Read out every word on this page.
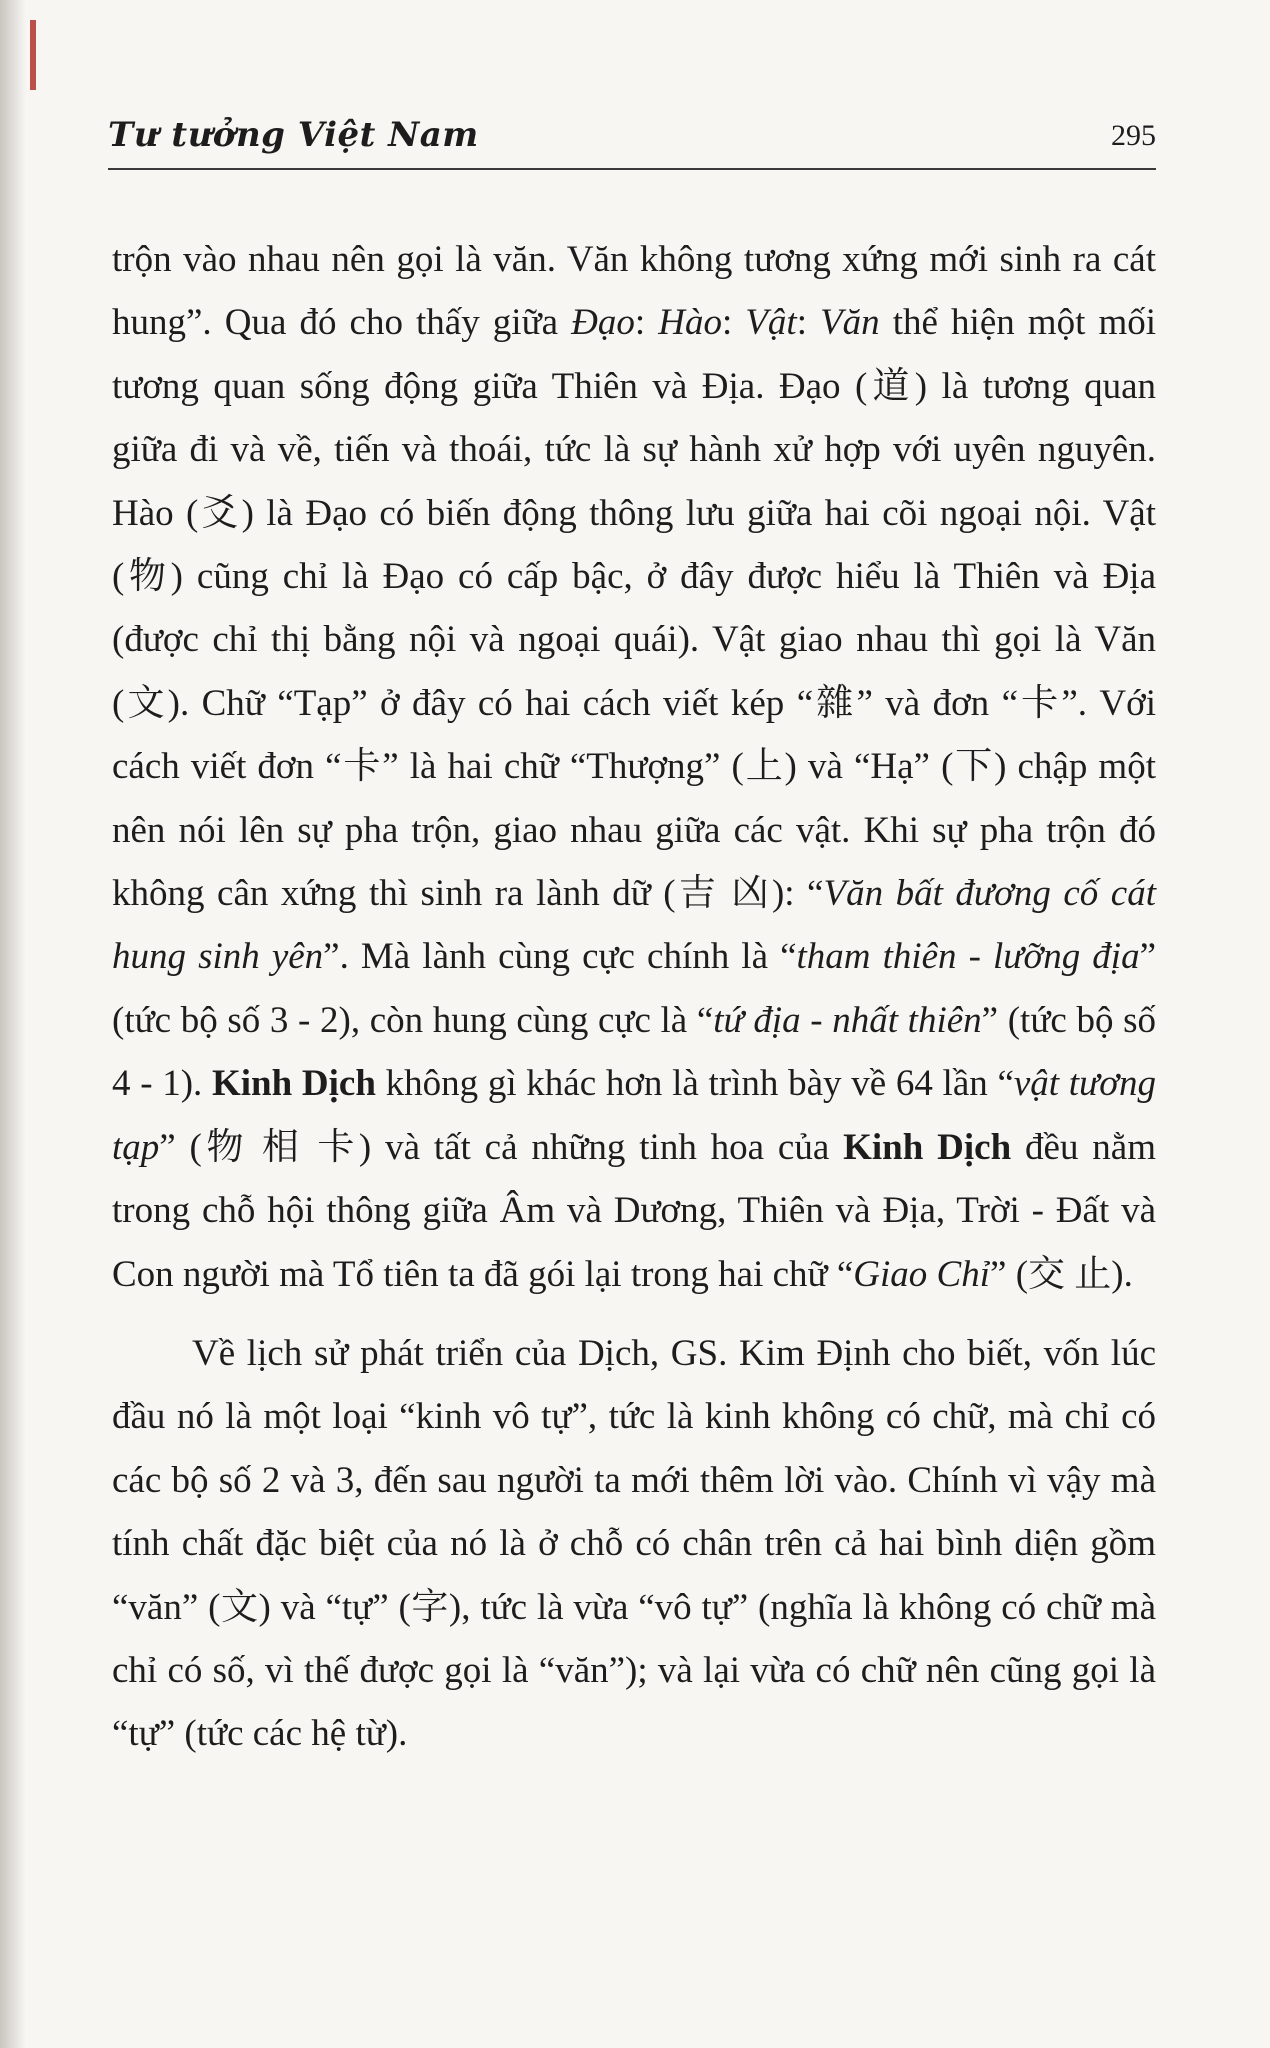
Tư tưởng Việt Nam	295

trộn vào nhau nên gọi là văn. Văn không tương xứng mới sinh ra cát hung”. Qua đó cho thấy giữa Đạo: Hào: Vật: Văn thể hiện một mối tương quan sống động giữa Thiên và Địa. Đạo (道) là tương quan giữa đi và về, tiến và thoái, tức là sự hành xử hợp với uyên nguyên. Hào (爻) là Đạo có biến động thông lưu giữa hai cõi ngoại nội. Vật (物) cũng chỉ là Đạo có cấp bậc, ở đây được hiểu là Thiên và Địa (được chỉ thị bằng nội và ngoại quái). Vật giao nhau thì gọi là Văn (文). Chữ “Tạp” ở đây có hai cách viết kép “雜” và đơn “卡”. Với cách viết đơn “卡” là hai chữ “Thượng” (上) và “Hạ” (下) chập một nên nói lên sự pha trộn, giao nhau giữa các vật. Khi sự pha trộn đó không cân xứng thì sinh ra lành dữ (吉 凶): “Văn bất đương cố cát hung sinh yên”. Mà lành cùng cực chính là “tham thiên - lưỡng địa” (tức bộ số 3 - 2), còn hung cùng cực là “tứ địa - nhất thiên” (tức bộ số 4 - 1). Kinh Dịch không gì khác hơn là trình bày về 64 lần “vật tương tạp” (物 相 卡) và tất cả những tinh hoa của Kinh Dịch đều nằm trong chỗ hội thông giữa Âm và Dương, Thiên và Địa, Trời - Đất và Con người mà Tổ tiên ta đã gói lại trong hai chữ “Giao Chỉ” (交 止).

Về lịch sử phát triển của Dịch, GS. Kim Định cho biết, vốn lúc đầu nó là một loại “kinh vô tự”, tức là kinh không có chữ, mà chỉ có các bộ số 2 và 3, đến sau người ta mới thêm lời vào. Chính vì vậy mà tính chất đặc biệt của nó là ở chỗ có chân trên cả hai bình diện gồm “văn” (文) và “tự” (字), tức là vừa “vô tự” (nghĩa là không có chữ mà chỉ có số, vì thế được gọi là “văn”); và lại vừa có chữ nên cũng gọi là “tự” (tức các hệ từ).
